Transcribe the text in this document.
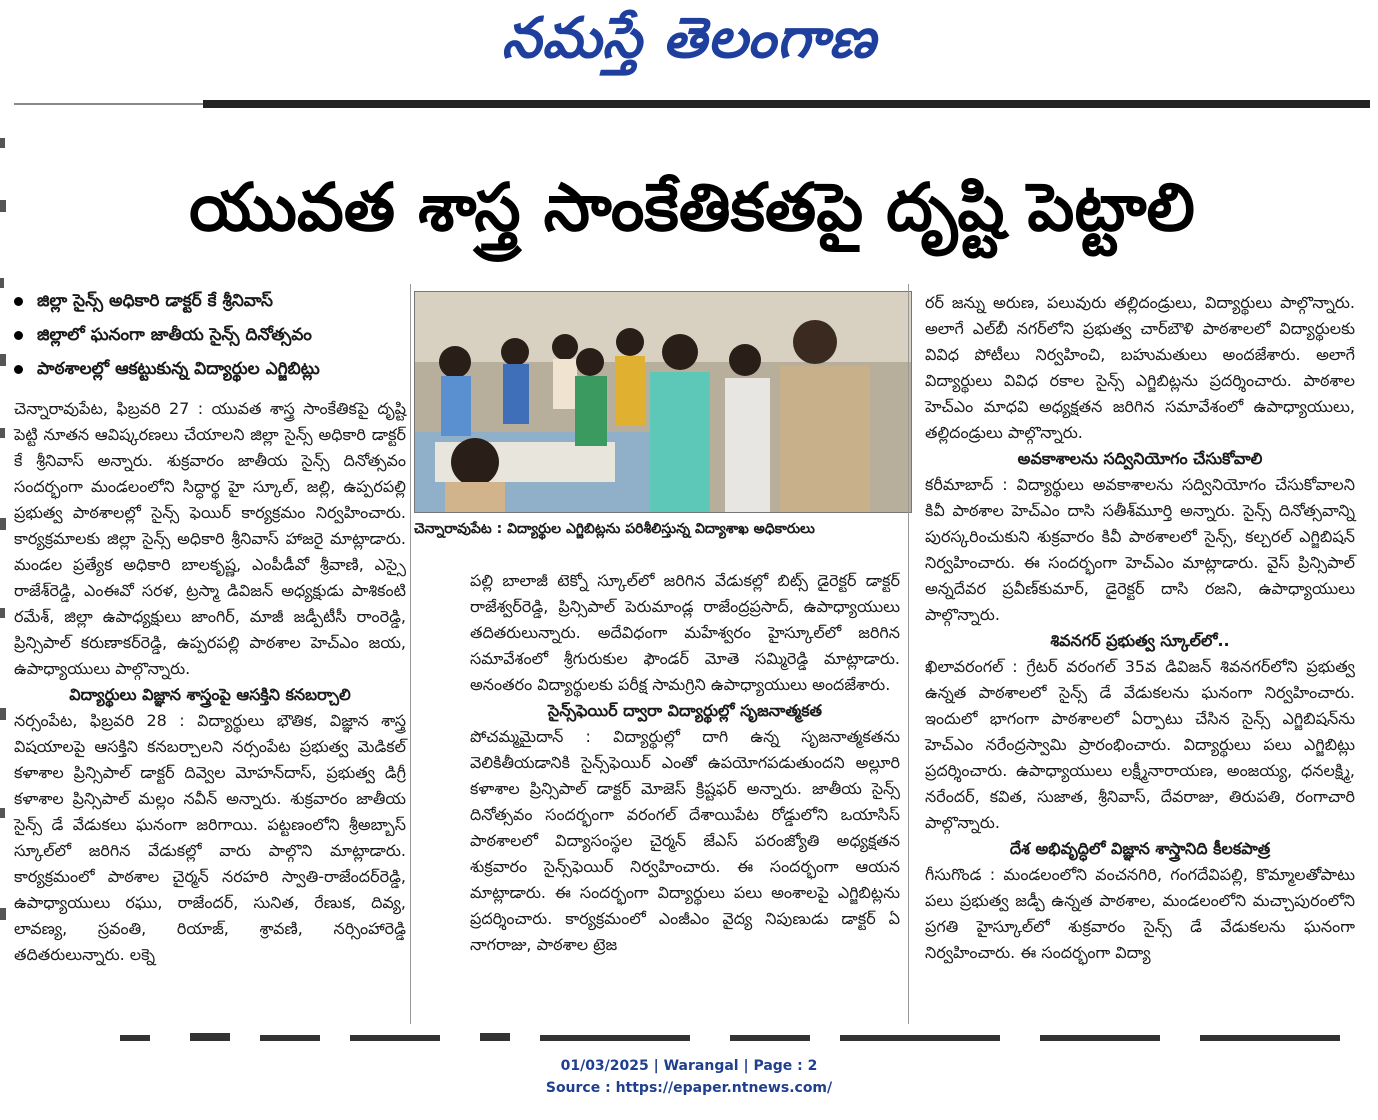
నమస్తే తెలంగాణ
యువత శాస్త్ర సాంకేతికతపై దృష్టి పెట్టాలి
జిల్లా సైన్స్ అధికారి డాక్టర్ కే శ్రీనివాస్
జిల్లాలో ఘనంగా జాతీయ సైన్స్ దినోత్సవం
పాఠశాలల్లో ఆకట్టుకున్న విద్యార్థుల ఎగ్జిబిట్లు

చెన్నారావుపేట, ఫిబ్రవరి 27 : యువత శాస్త్ర సాంకేతికపై దృష్టి పెట్టి నూతన ఆవిష్కరణలు చేయాలని జిల్లా సైన్స్ అధికారి డాక్టర్ కే శ్రీనివాస్ అన్నారు. శుక్రవారం జాతీయ సైన్స్ దినోత్సవం సందర్భంగా మండలంలోని సిద్ధార్థ హై స్కూల్, జల్లి, ఉప్పరపల్లి ప్రభుత్వ పాఠశాలల్లో సైన్స్ ఫెయిర్ కార్యక్రమం నిర్వహించారు. కార్యక్రమాలకు జిల్లా సైన్స్ అధికారి శ్రీనివాస్ హాజరై మాట్లాడారు. మండల ప్రత్యేక అధికారి బాలకృష్ణ, ఎంపీడీవో శ్రీవాణి, ఎస్సై రాజేశ్‌రెడ్డి, ఎంఈవో సరళ, ట్రస్మా డివిజన్ అధ్యక్షుడు పాశికంటి రమేశ్, జిల్లా ఉపాధ్యక్షులు జాంగిర్, మాజీ జడ్పీటీసీ రాంరెడ్డి, ప్రిన్సిపాల్ కరుణాకర్‌రెడ్డి, ఉప్పరపల్లి పాఠశాల హెచ్‌ఎం జయ, ఉపాధ్యాయులు పాల్గొన్నారు.

విద్యార్థులు విజ్ఞాన శాస్త్రంపై ఆసక్తిని కనబర్చాలి

నర్సంపేట, ఫిబ్రవరి 28 : విద్యార్థులు భౌతిక, విజ్ఞాన శాస్త్ర విషయాలపై ఆసక్తిని కనబర్చాలని నర్సంపేట ప్రభుత్వ మెడికల్ కళాశాల ప్రిన్సిపాల్ డాక్టర్ దివ్వెల మోహన్‌దాస్, ప్రభుత్వ డిగ్రీ కళాశాల ప్రిన్సిపాల్ మల్లం నవీన్ అన్నారు. శుక్రవారం జాతీయ సైన్స్ డే వేడుకలు ఘనంగా జరిగాయి. పట్టణంలోని శ్రీఅబ్బాస్ స్కూల్‌లో జరిగిన వేడుకల్లో వారు పాల్గొని మాట్లాడారు. కార్యక్రమంలో పాఠశాల చైర్మన్ నరహరి స్వాతి-రాజేందర్‌రెడ్డి, ఉపాధ్యాయులు రఘు, రాజేందర్, సునిత, రేణుక, దివ్య, లావణ్య, స్రవంతి, రియాజ్, శ్రావణి, నర్సింహారెడ్డి తదితరులున్నారు. లక్నె

చెన్నారావుపేట : విద్యార్థుల ఎగ్జిబిట్లను పరిశీలిస్తున్న విద్యాశాఖ అధికారులు

పల్లి బాలాజీ టెక్నో స్కూల్‌లో జరిగిన వేడుకల్లో బిట్స్ డైరెక్టర్ డాక్టర్ రాజేశ్వర్‌రెడ్డి, ప్రిన్సిపాల్ పెరుమాండ్ల రాజేంద్రప్రసాద్, ఉపాధ్యాయులు తదితరులున్నారు. అదేవిధంగా మహేశ్వరం హైస్కూల్‌లో జరిగిన సమావేశంలో శ్రీగురుకుల ఫౌండర్ మోతె సమ్మిరెడ్డి మాట్లాడారు. అనంతరం విద్యార్థులకు పరీక్ష సామగ్రిని ఉపాధ్యాయులు అందజేశారు.

సైన్స్‌ఫెయిర్ ద్వారా విద్యార్థుల్లో సృజనాత్మకత

పోచమ్మమైదాన్ : విద్యార్థుల్లో దాగి ఉన్న సృజనాత్మకతను వెలికితీయడానికి సైన్స్‌ఫెయిర్ ఎంతో ఉపయోగపడుతుందని అల్లూరి కళాశాల ప్రిన్సిపాల్ డాక్టర్ మోజెస్ క్రిష్టఫర్ అన్నారు. జాతీయ సైన్స్ దినోత్సవం సందర్భంగా వరంగల్ దేశాయిపేట రోడ్డులోని ఒయాసిస్ పాఠశాలలో విద్యాసంస్థల చైర్మన్ జేఎస్ పరంజ్యోతి అధ్యక్షతన శుక్రవారం సైన్స్‌ఫెయిర్ నిర్వహించారు. ఈ సందర్భంగా ఆయన మాట్లాడారు. ఈ సందర్భంగా విద్యార్థులు పలు అంశాలపై ఎగ్జిబిట్లను ప్రదర్శించారు. కార్యక్రమంలో ఎంజీఎం వైద్య నిపుణుడు డాక్టర్ ఏ నాగరాజు, పాఠశాల ట్రెజ

రర్ జన్ను అరుణ, పలువురు తల్లిదండ్రులు, విద్యార్థులు పాల్గొన్నారు. అలాగే ఎల్‌బీ నగర్‌లోని ప్రభుత్వ చార్‌బౌళి పాఠశాలలో విద్యార్థులకు వివిధ పోటీలు నిర్వహించి, బహుమతులు అందజేశారు. అలాగే విద్యార్థులు వివిధ రకాల సైన్స్ ఎగ్జిబిట్లను ప్రదర్శించారు. పాఠశాల హెచ్‌ఎం మాధవి అధ్యక్షతన జరిగిన సమావేశంలో ఉపాధ్యాయులు, తల్లిదండ్రులు పాల్గొన్నారు.

అవకాశాలను సద్వినియోగం చేసుకోవాలి

కరీమాబాద్ : విద్యార్థులు అవకాశాలను సద్వినియోగం చేసుకోవాలని కివీ పాఠశాల హెచ్‌ఎం దాసి సతీశ్‌మూర్తి అన్నారు. సైన్స్ దినోత్సవాన్ని పురస్కరించుకుని శుక్రవారం కివీ పాఠశాలలో సైన్స్, కల్చరల్ ఎగ్జిబిషన్ నిర్వహించారు. ఈ సందర్భంగా హెచ్‌ఎం మాట్లాడారు. వైస్ ప్రిన్సిపాల్ అన్నదేవర ప్రవీణ్‌కుమార్, డైరెక్టర్ దాసి రజని, ఉపాధ్యాయులు పాల్గొన్నారు.

శివనగర్ ప్రభుత్వ స్కూల్‌లో..

ఖిలావరంగల్ : గ్రేటర్ వరంగల్ 35వ డివిజన్ శివనగర్‌లోని ప్రభుత్వ ఉన్నత పాఠశాలలో సైన్స్ డే వేడుకలను ఘనంగా నిర్వహించారు. ఇందులో భాగంగా పాఠశాలలో ఏర్పాటు చేసిన సైన్స్ ఎగ్జిబిషన్‌ను హెచ్‌ఎం నరేంద్రస్వామి ప్రారంభించారు. విద్యార్థులు పలు ఎగ్జిబిట్లు ప్రదర్శించారు. ఉపాధ్యాయులు లక్ష్మీనారాయణ, అంజయ్య, ధనలక్ష్మి, నరేందర్, కవిత, సుజాత, శ్రీనివాస్, దేవరాజు, తిరుపతి, రంగాచారి పాల్గొన్నారు.

దేశ అభివృద్ధిలో విజ్ఞాన శాస్త్రానిది కీలకపాత్ర

గీసుగొండ : మండలంలోని వంచనగిరి, గంగదేవిపల్లి, కొమ్మాలతోపాటు పలు ప్రభుత్వ జడ్పీ ఉన్నత పాఠశాల, మండలంలోని మచ్చాపురంలోని ప్రగతి హైస్కూల్‌లో శుక్రవారం సైన్స్ డే వేడుకలను ఘనంగా నిర్వహించారు. ఈ సందర్భంగా విద్యా

01/03/2025 | Warangal | Page : 2
Source : https://epaper.ntnews.com/
